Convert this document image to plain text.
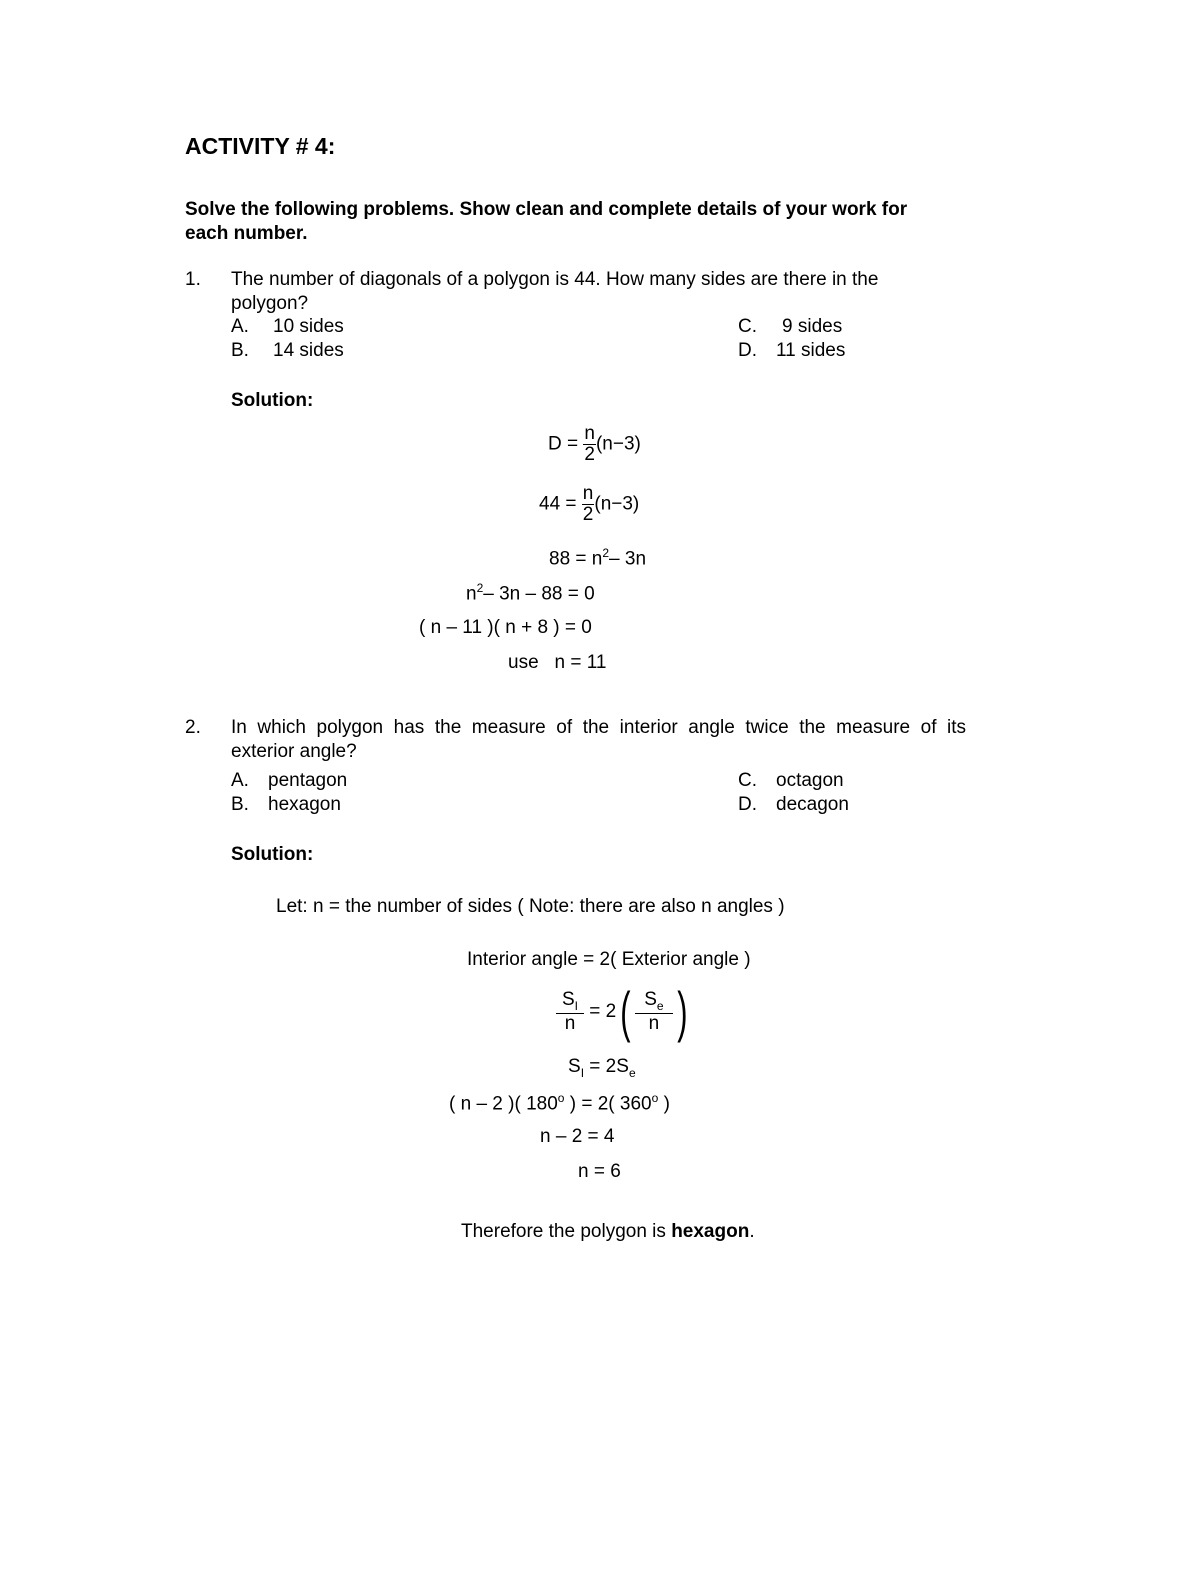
ACTIVITY # 4:
Solve the following problems. Show clean and complete details of your work for
each number.
1. The number of diagonals of a polygon is 44. How many sides are there in the
polygon?
A. 10 sides
B. 14 sides
C. 9 sides
D. 11 sides
Solution:
$D = \frac{n}{2} (n-3)$
$44 = \frac{n}{2} (n-3)$
$88 = n^2-$ 3n
$n^2-$ 3n – 88 = 0
( n – 11 )( n + 8 ) = 0
use   n = 11
2. In  which  polygon  has  the  measure  of  the  interior  angle  twice  the  measure  of  its
exterior angle?
A. pentagon
B. hexagon
C. octagon
D. decagon
Solution:
Let: n = the number of sides ( Note: there are also n angles )
Interior angle = 2( Exterior angle )
$\frac{S_I}{n} = 2( \frac{S_e}{n}$ )
$S_I = 2S_e$
( n – 2 )( 180$^o$ ) = 2( 360$^o$ )
n – 2 = 4
n = 6
Therefore the polygon is hexagon.
